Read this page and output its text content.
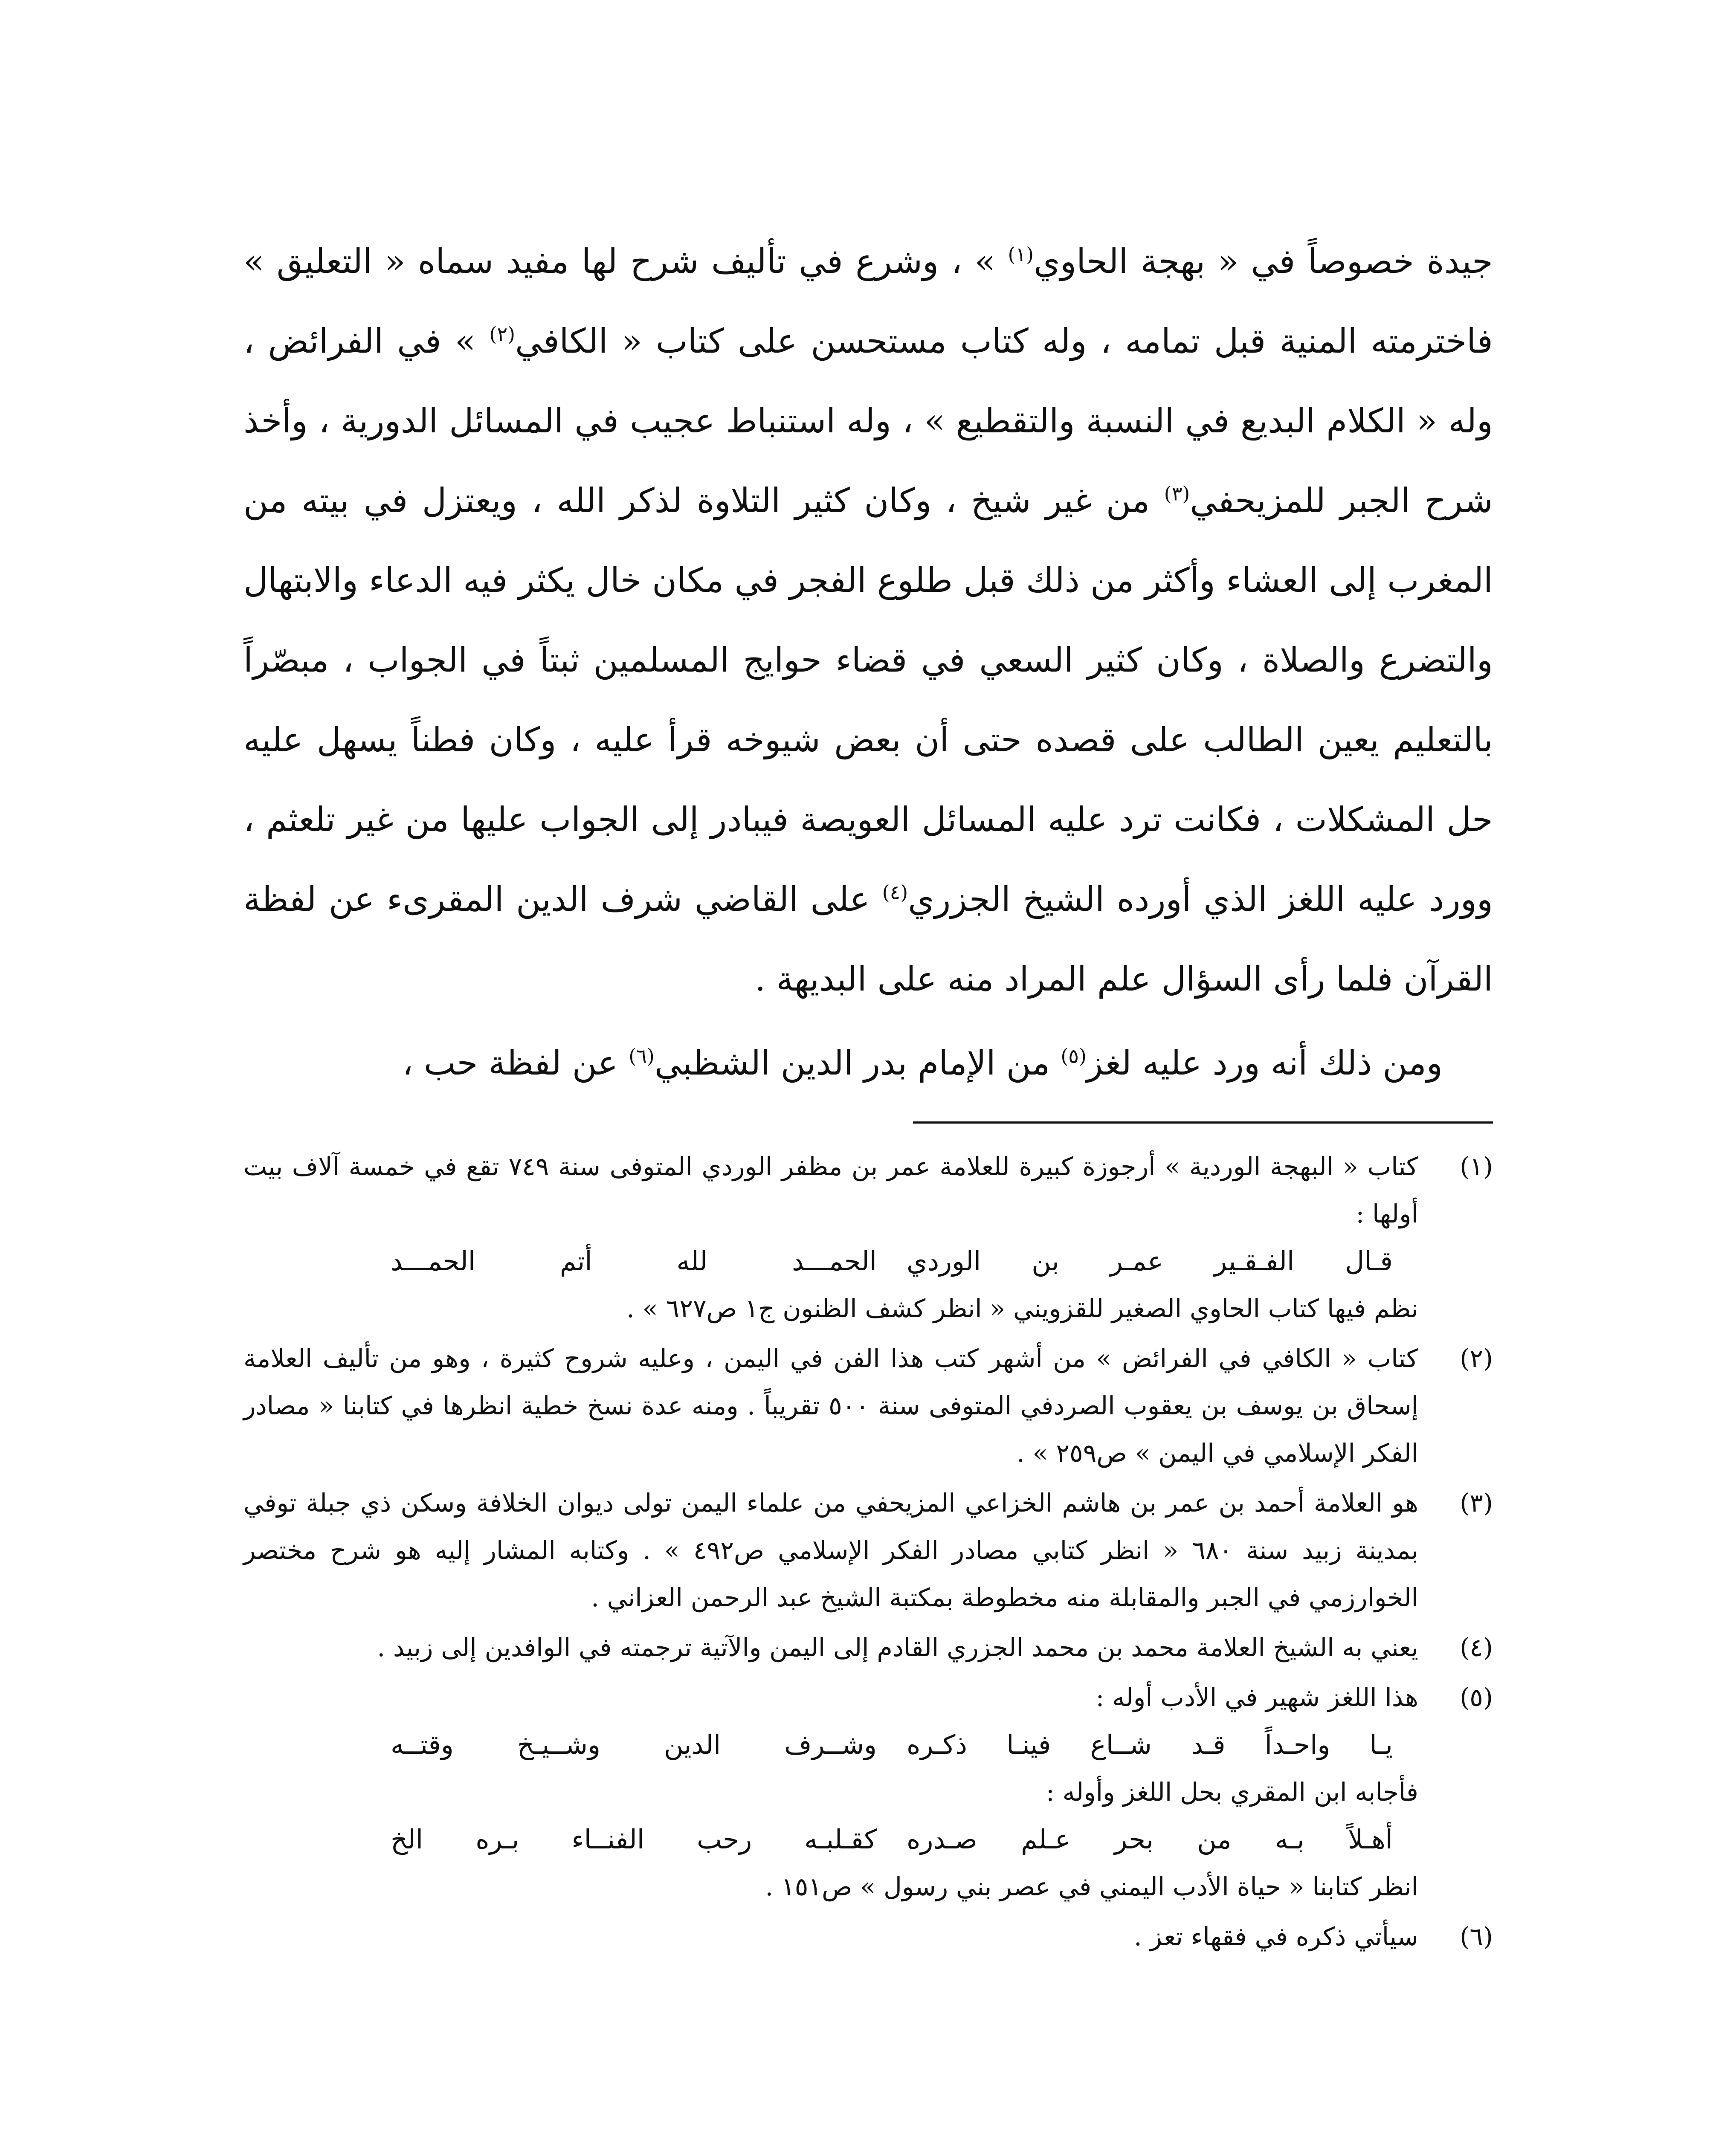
جيدة خصوصاً في « بهجة الحاوي$^{(١)}$ » ، وشرع في تأليف شرح لها مفيد سماه « التعليق » فاخترمته المنية قبل تمامه ، وله كتاب مستحسن على كتاب « الكافي$^{(٢)}$ » في الفرائض ، وله « الكلام البديع في النسبة والتقطيع » ، وله استنباط عجيب في المسائل الدورية ، وأخذ شرح الجبر للمزيحفي$^{(٣)}$ من غير شيخ ، وكان كثير التلاوة لذكر الله ، ويعتزل في بيته من المغرب إلى العشاء وأكثر من ذلك قبل طلوع الفجر في مكان خال يكثر فيه الدعاء والابتهال والتضرع والصلاة ، وكان كثير السعي في قضاء حوايج المسلمين ثبتاً في الجواب ، مبصّراً بالتعليم يعين الطالب على قصده حتى أن بعض شيوخه قرأ عليه ، وكان فطناً يسهل عليه حل المشكلات ، فكانت ترد عليه المسائل العويصة فيبادر إلى الجواب عليها من غير تلعثم ، وورد عليه اللغز الذي أورده الشيخ الجزري$^{(٤)}$ على القاضي شرف الدين المقرىء عن لفظة القرآن فلما رأى السؤال علم المراد منه على البديهة .

ومن ذلك أنه ورد عليه لغز$^{(٥)}$ من الإمام بدر الدين الشظبي$^{(٦)}$ عن لفظة حب ،

(١)

كتاب « البهجة الوردية » أرجوزة كبيرة للعلامة عمر بن مظفر الوردي المتوفى سنة ٧٤٩ تقع في خمسة آلاف بيت أولها :

قـال الفـقـير عمـر بن الوردي
الحمـــد لله أتم الحمـــد

نظم فيها كتاب الحاوي الصغير للقزويني « انظر كشف الظنون ج١ ص٦٢٧ » .

(٢)

كتاب « الكافي في الفرائض » من أشهر كتب هذا الفن في اليمن ، وعليه شروح كثيرة ، وهو من تأليف العلامة إسحاق بن يوسف بن يعقوب الصردفي المتوفى سنة ٥٠٠ تقريباً . ومنه عدة نسخ خطية انظرها في كتابنا « مصادر الفكر الإسلامي في اليمن » ص٢٥٩ » .

(٣)

هو العلامة أحمد بن عمر بن هاشم الخزاعي المزيحفي من علماء اليمن تولى ديوان الخلافة وسكن ذي جبلة توفي بمدينة زبيد سنة ٦٨٠ « انظر كتابي مصادر الفكر الإسلامي ص٤٩٢ » . وكتابه المشار إليه هو شرح مختصر الخوارزمي في الجبر والمقابلة منه مخطوطة بمكتبة الشيخ عبد الرحمن العزاني .

(٤)

يعني به الشيخ العلامة محمد بن محمد الجزري القادم إلى اليمن والآتية ترجمته في الوافدين إلى زبيد .

(٥)

هذا اللغز شهير في الأدب أوله :

يـا واحـداً قـد شــاع فينـا ذكـره
وشــرف الدين وشــيـخ وقتــه

فأجابه ابن المقري بحل اللغز وأوله :

أهـلاً بـه من بحر عـلم صـدره
كقـلبـه رحب الفنــاء بـره الخ

انظر كتابنا « حياة الأدب اليمني في عصر بني رسول » ص١٥١ .

(٦)

سيأتي ذكره في فقهاء تعز .
